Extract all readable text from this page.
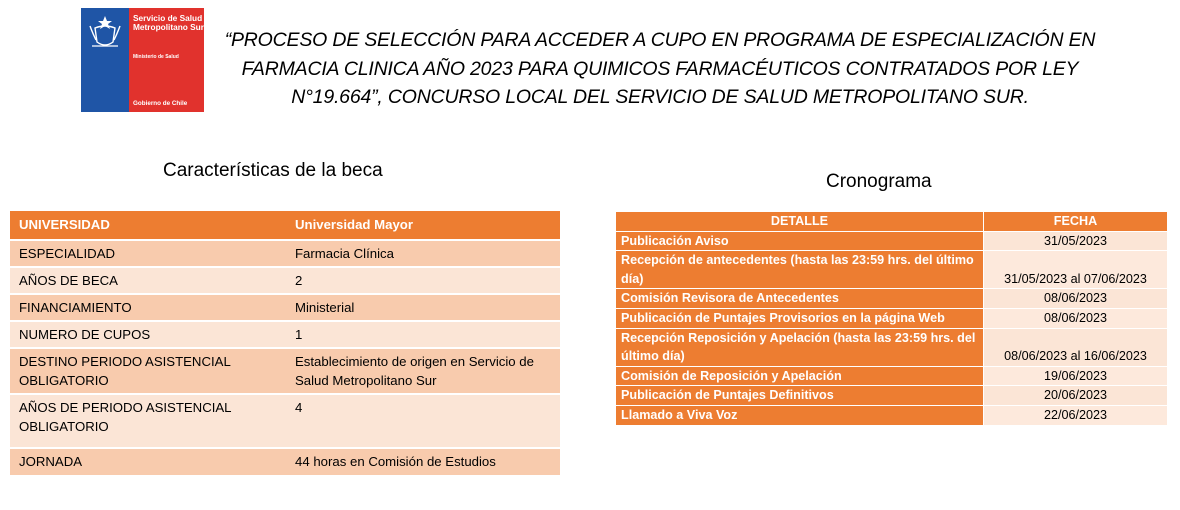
Servicio de Salud Metropolitano Sur
Ministerio de Salud
Gobierno de Chile
“PROCESO DE SELECCIÓN PARA ACCEDER A CUPO EN PROGRAMA DE ESPECIALIZACIÓN EN FARMACIA CLINICA AÑO 2023 PARA QUIMICOS FARMACÉUTICOS CONTRATADOS POR LEY N°19.664”, CONCURSO LOCAL DEL SERVICIO DE SALUD METROPOLITANO SUR.
Características de la beca
Cronograma
UNIVERSIDAD	Universidad Mayor
ESPECIALIDAD	Farmacia Clínica
AÑOS DE BECA	2
FINANCIAMIENTO	Ministerial
NUMERO DE CUPOS	1
DESTINO PERIODO ASISTENCIAL OBLIGATORIO	Establecimiento de origen en Servicio de Salud Metropolitano Sur
AÑOS DE PERIODO ASISTENCIAL OBLIGATORIO	4
JORNADA	44 horas en Comisión de Estudios
DETALLE	FECHA
Publicación Aviso	31/05/2023
Recepción de antecedentes (hasta las 23:59 hrs. del último día)	31/05/2023 al 07/06/2023
Comisión Revisora de Antecedentes	08/06/2023
Publicación de Puntajes Provisorios en la página Web	08/06/2023
Recepción Reposición y Apelación (hasta las 23:59 hrs. del último día)	08/06/2023 al 16/06/2023
Comisión de Reposición y Apelación	19/06/2023
Publicación de Puntajes Definitivos	20/06/2023
Llamado a Viva Voz	22/06/2023
